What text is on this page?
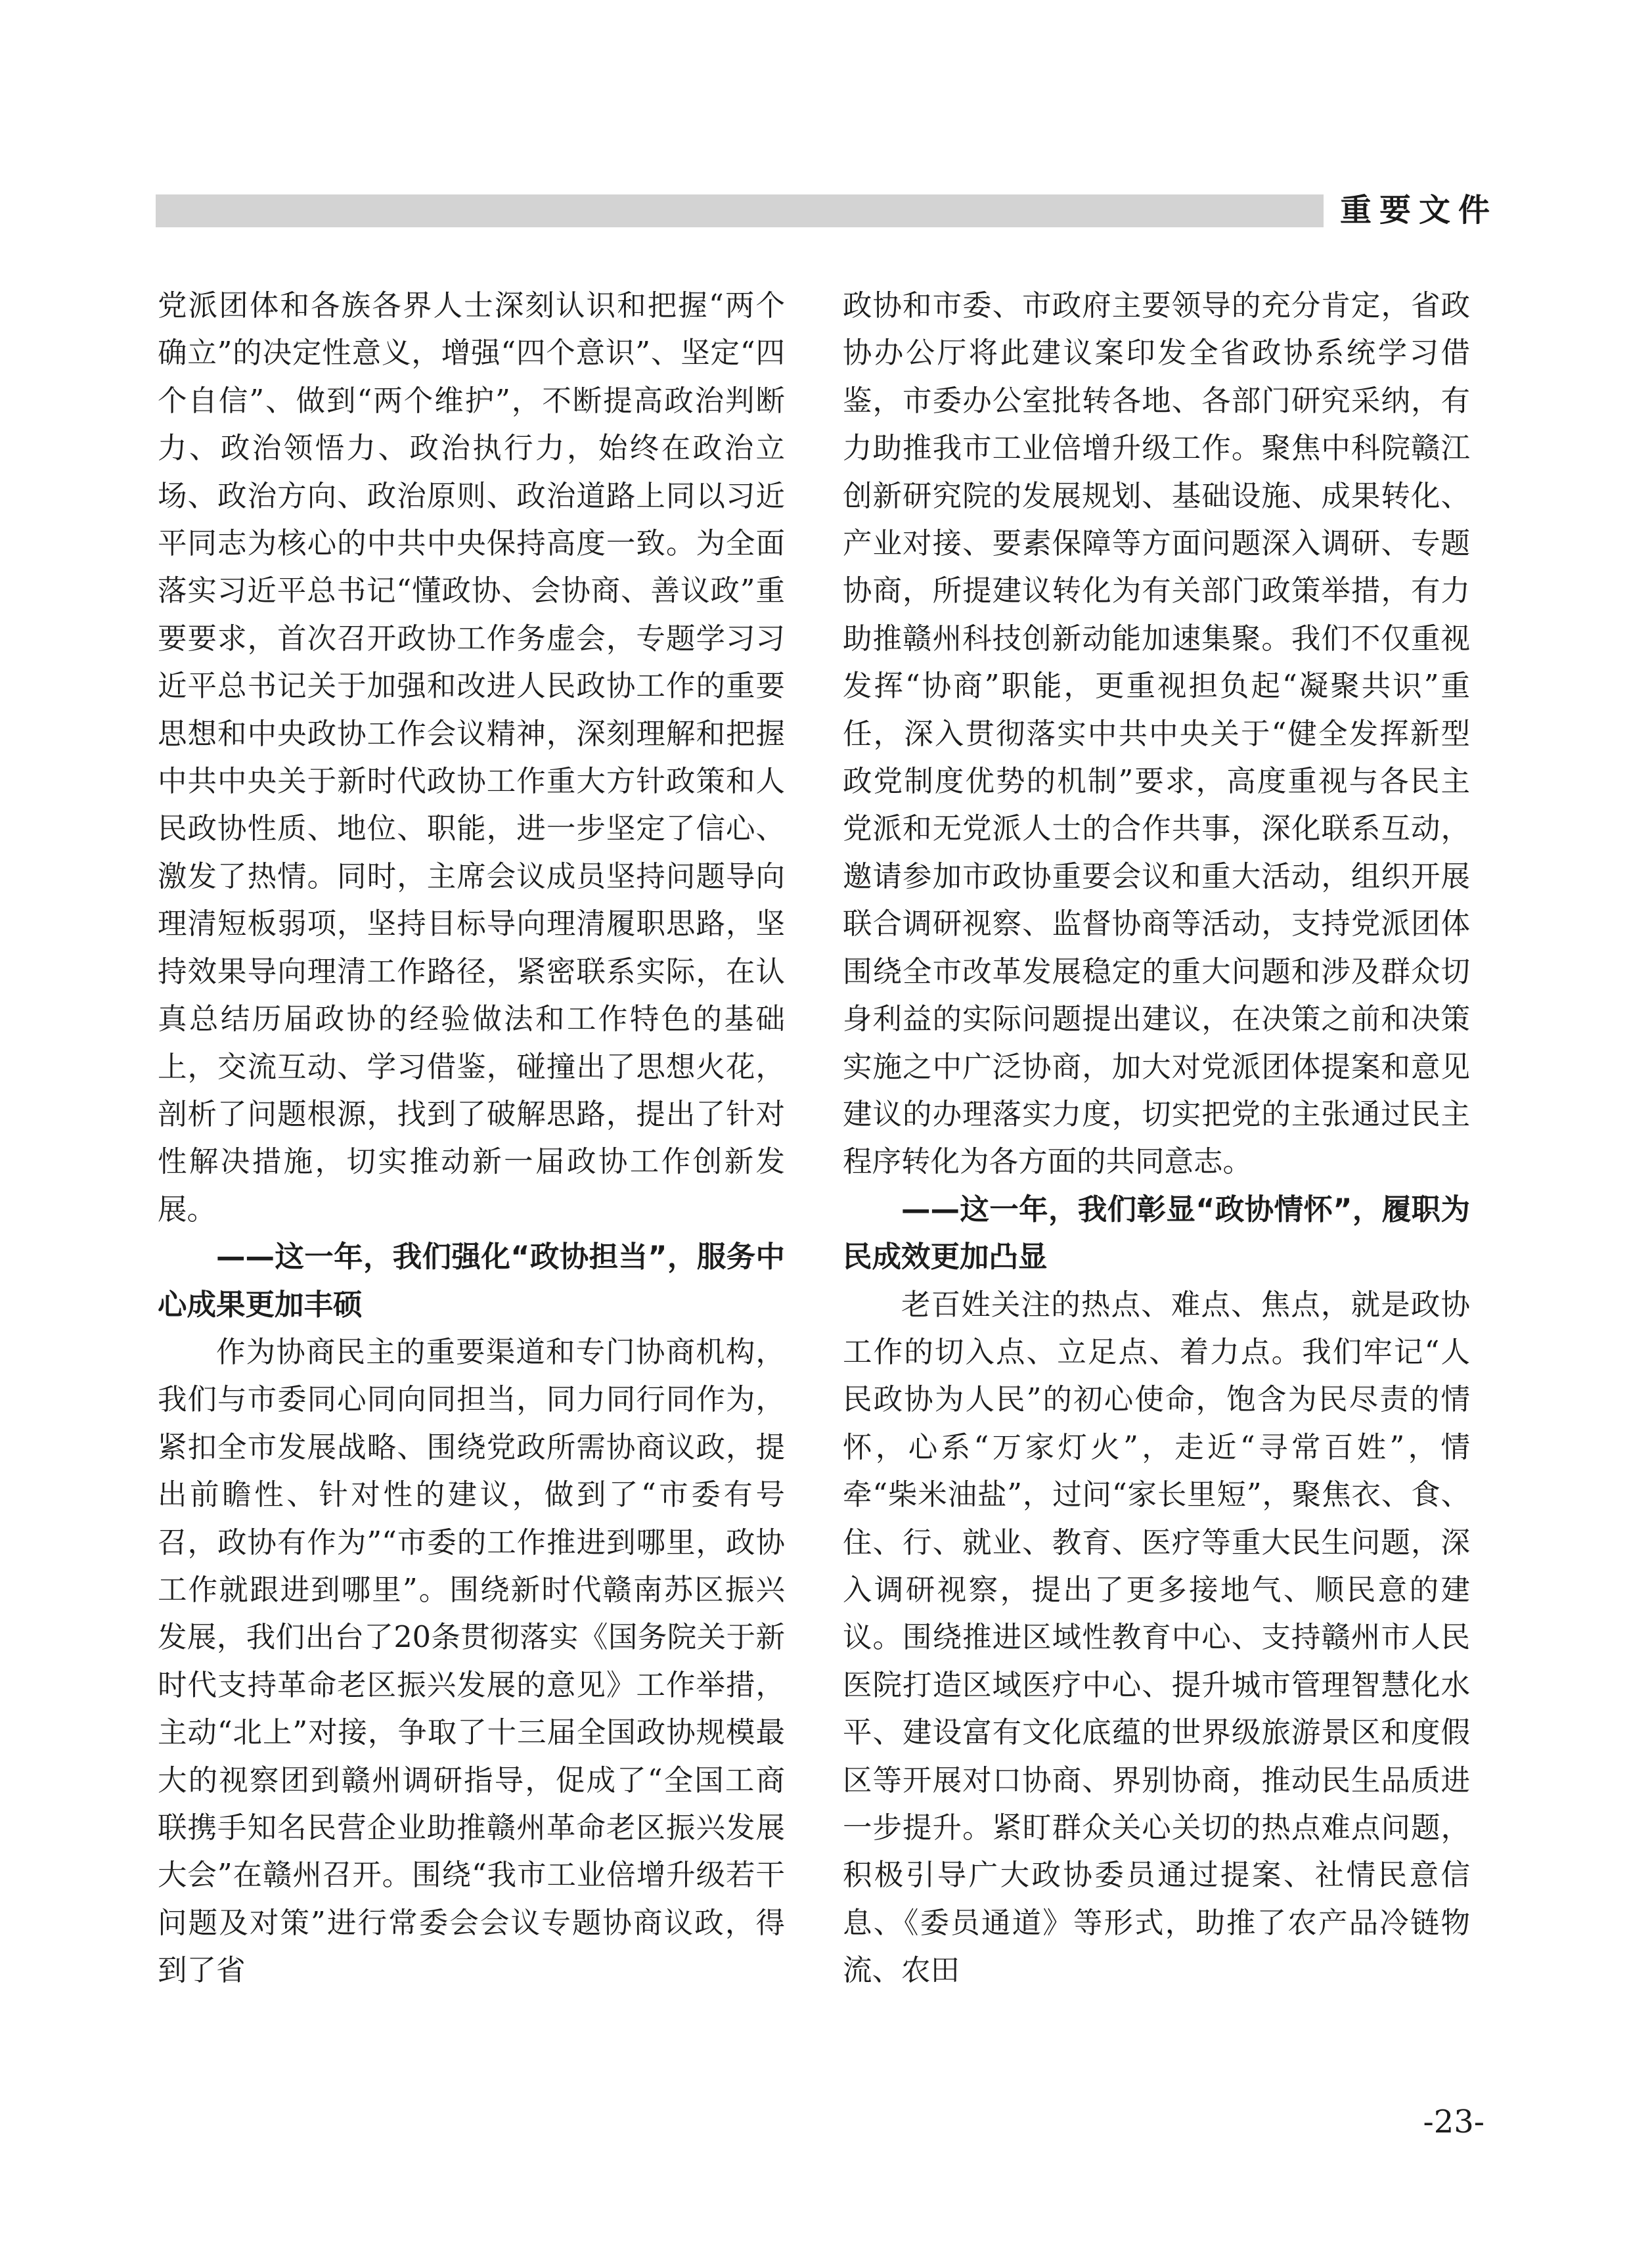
重要文件

党派团体和各族各界人士深刻认识和把握“两个确立”的决定性意义，增强“四个意识”、坚定“四个自信”、做到“两个维护”，不断提高政治判断力、政治领悟力、政治执行力，始终在政治立场、政治方向、政治原则、政治道路上同以习近平同志为核心的中共中央保持高度一致。为全面落实习近平总书记“懂政协、会协商、善议政”重要要求，首次召开政协工作务虚会，专题学习习近平总书记关于加强和改进人民政协工作的重要思想和中央政协工作会议精神，深刻理解和把握中共中央关于新时代政协工作重大方针政策和人民政协性质、地位、职能，进一步坚定了信心、激发了热情。同时，主席会议成员坚持问题导向理清短板弱项，坚持目标导向理清履职思路，坚持效果导向理清工作路径，紧密联系实际，在认真总结历届政协的经验做法和工作特色的基础上，交流互动、学习借鉴，碰撞出了思想火花，剖析了问题根源，找到了破解思路，提出了针对性解决措施，切实推动新一届政协工作创新发展。

——这一年，我们强化“政协担当”，服务中心成果更加丰硕

作为协商民主的重要渠道和专门协商机构，我们与市委同心同向同担当，同力同行同作为，紧扣全市发展战略、围绕党政所需协商议政，提出前瞻性、针对性的建议，做到了“市委有号召，政协有作为”“市委的工作推进到哪里，政协工作就跟进到哪里”。围绕新时代赣南苏区振兴发展，我们出台了20条贯彻落实《国务院关于新时代支持革命老区振兴发展的意见》工作举措，主动“北上”对接，争取了十三届全国政协规模最大的视察团到赣州调研指导，促成了“全国工商联携手知名民营企业助推赣州革命老区振兴发展大会”在赣州召开。围绕“我市工业倍增升级若干问题及对策”进行常委会会议专题协商议政，得到了省

政协和市委、市政府主要领导的充分肯定，省政协办公厅将此建议案印发全省政协系统学习借鉴，市委办公室批转各地、各部门研究采纳，有力助推我市工业倍增升级工作。聚焦中科院赣江创新研究院的发展规划、基础设施、成果转化、产业对接、要素保障等方面问题深入调研、专题协商，所提建议转化为有关部门政策举措，有力助推赣州科技创新动能加速集聚。我们不仅重视发挥“协商”职能，更重视担负起“凝聚共识”重任，深入贯彻落实中共中央关于“健全发挥新型政党制度优势的机制”要求，高度重视与各民主党派和无党派人士的合作共事，深化联系互动，邀请参加市政协重要会议和重大活动，组织开展联合调研视察、监督协商等活动，支持党派团体围绕全市改革发展稳定的重大问题和涉及群众切身利益的实际问题提出建议，在决策之前和决策实施之中广泛协商，加大对党派团体提案和意见建议的办理落实力度，切实把党的主张通过民主程序转化为各方面的共同意志。

——这一年，我们彰显“政协情怀”，履职为民成效更加凸显

老百姓关注的热点、难点、焦点，就是政协工作的切入点、立足点、着力点。我们牢记“人民政协为人民”的初心使命，饱含为民尽责的情怀，心系“万家灯火”，走近“寻常百姓”，情牵“柴米油盐”，过问“家长里短”，聚焦衣、食、住、行、就业、教育、医疗等重大民生问题，深入调研视察，提出了更多接地气、顺民意的建议。围绕推进区域性教育中心、支持赣州市人民医院打造区域医疗中心、提升城市管理智慧化水平、建设富有文化底蕴的世界级旅游景区和度假区等开展对口协商、界别协商，推动民生品质进一步提升。紧盯群众关心关切的热点难点问题，积极引导广大政协委员通过提案、社情民意信息、《委员通道》等形式，助推了农产品冷链物流、农田

-23-
